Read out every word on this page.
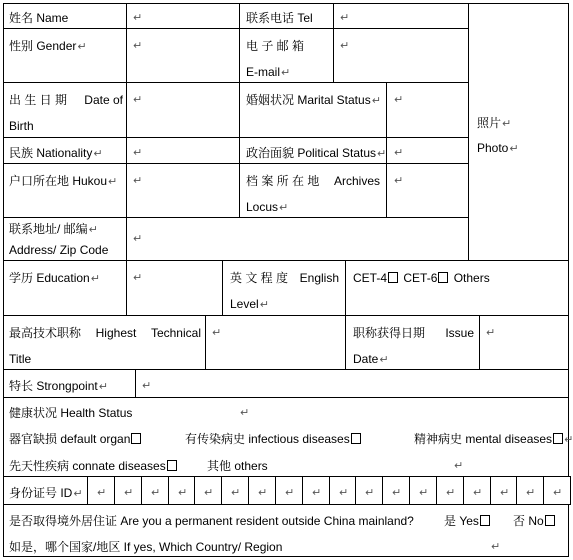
姓名 Name	↵	联系电话 Tel ↵
照片↵
Photo↵
性别 Gender↵	↵	电 子 邮 箱
E-mail↵
↵
出 生 日 期 Date of
Birth
↵	婚姻状况 Marital Status↵ ↵
民族 Nationality↵	↵	政治面貌 Political Status↵ ↵
户口所在地 Hukou↵ ↵	档 案 所 在 地 Archives
Locus↵
↵
联系地址/ 邮编↵
Address/ Zip Code
↵
学历 Education↵	↵	英 文 程 度 English
Level↵
CET-4 CET-6 Others
最高技术职称 Highest Technical
Title
↵	职称获得日期 Issue
Date↵
↵
特长 Strongpoint↵	↵
健康状况 Health Status	↵
器官缺损 default organ	有传染病史 infectious diseases	精神病史 mental diseases ↵
先天性疾病 connate diseases	其他 others	↵
身份证号 ID↵ ↵ ↵ ↵ ↵ ↵ ↵ ↵ ↵ ↵ ↵ ↵ ↵ ↵ ↵ ↵ ↵ ↵ ↵
是否取得境外居住证 Are you a permanent resident outside China mainland?	是 Yes	否 No
如是，哪个国家/地区 If yes, Which Country/ Region	↵
